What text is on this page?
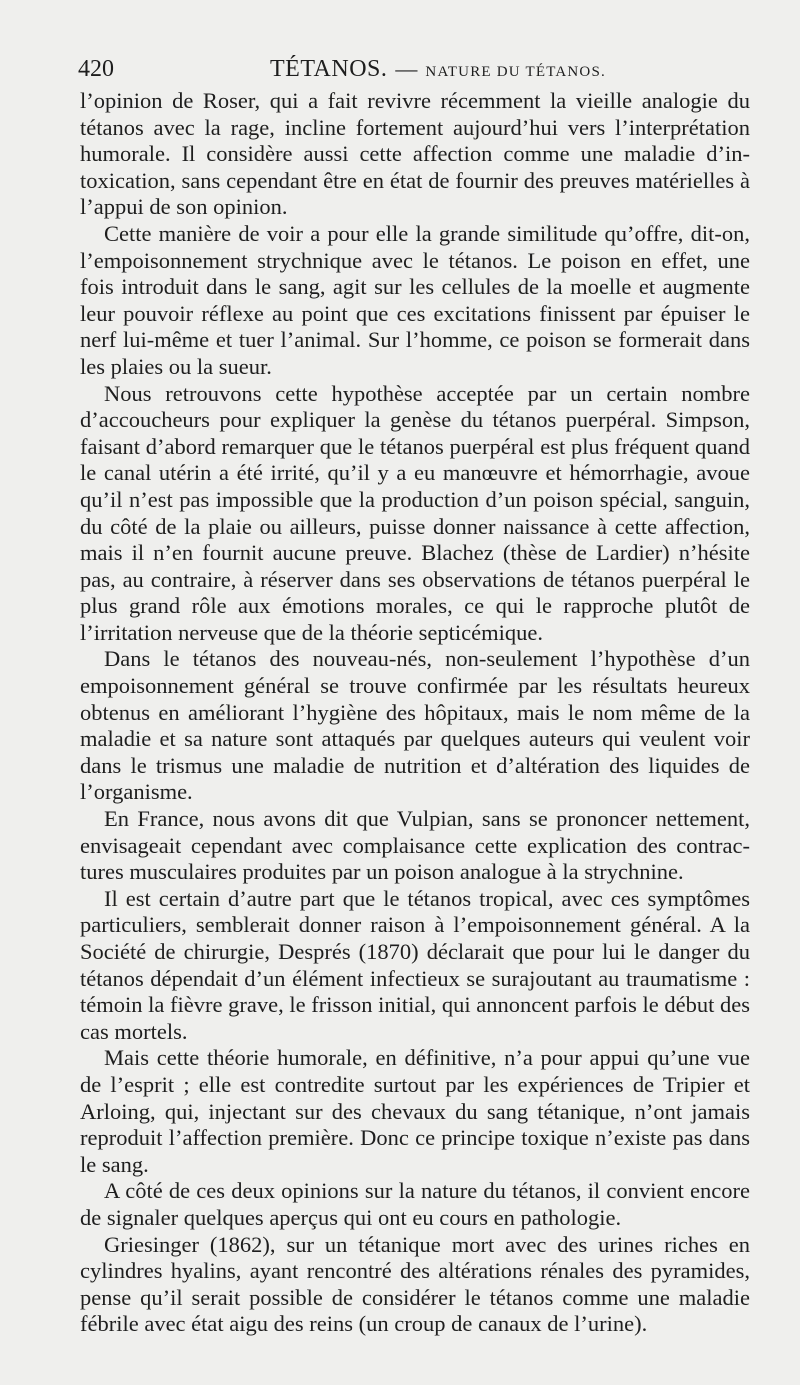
420	TÉTANOS. — NATURE DU TÉTANOS.

l’opinion de Roser, qui a fait revivre récemment la vieille analogie du tétanos avec la rage, incline fortement aujourd’hui vers l’interprétation humorale. Il considère aussi cette affection comme une maladie d’intoxication, sans cependant être en état de fournir des preuves matérielles à l’appui de son opinion.

Cette manière de voir a pour elle la grande similitude qu’offre, dit-on, l’empoisonnement strychnique avec le tétanos. Le poison en effet, une fois introduit dans le sang, agit sur les cellules de la moelle et augmente leur pouvoir réflexe au point que ces excitations finissent par épuiser le nerf lui-même et tuer l’animal. Sur l’homme, ce poison se formerait dans les plaies ou la sueur.

Nous retrouvons cette hypothèse acceptée par un certain nombre d’accoucheurs pour expliquer la genèse du tétanos puerpéral. Simpson, faisant d’abord remarquer que le tétanos puerpéral est plus fréquent quand le canal utérin a été irrité, qu’il y a eu manœuvre et hémorrhagie, avoue qu’il n’est pas impossible que la production d’un poison spécial, sanguin, du côté de la plaie ou ailleurs, puisse donner naissance à cette affection, mais il n’en fournit aucune preuve. Blachez (thèse de Lardier) n’hésite pas, au contraire, à réserver dans ses observations de tétanos puerpéral le plus grand rôle aux émotions morales, ce qui le rapproche plutôt de l’irritation nerveuse que de la théorie septicémique.

Dans le tétanos des nouveau-nés, non-seulement l’hypothèse d’un empoisonnement général se trouve confirmée par les résultats heureux obtenus en améliorant l’hygiène des hôpitaux, mais le nom même de la maladie et sa nature sont attaqués par quelques auteurs qui veulent voir dans le trismus une maladie de nutrition et d’altération des liquides de l’organisme.

En France, nous avons dit que Vulpian, sans se prononcer nettement, envisageait cependant avec complaisance cette explication des contractures musculaires produites par un poison analogue à la strychnine.

Il est certain d’autre part que le tétanos tropical, avec ces symptômes particuliers, semblerait donner raison à l’empoisonnement général. A la Société de chirurgie, Després (1870) déclarait que pour lui le danger du tétanos dépendait d’un élément infectieux se surajoutant au traumatisme : témoin la fièvre grave, le frisson initial, qui annoncent parfois le début des cas mortels.

Mais cette théorie humorale, en définitive, n’a pour appui qu’une vue de l’esprit ; elle est contredite surtout par les expériences de Tripier et Arloing, qui, injectant sur des chevaux du sang tétanique, n’ont jamais reproduit l’affection première. Donc ce principe toxique n’existe pas dans le sang.

A côté de ces deux opinions sur la nature du tétanos, il convient encore de signaler quelques aperçus qui ont eu cours en pathologie.

Griesinger (1862), sur un tétanique mort avec des urines riches en cylindres hyalins, ayant rencontré des altérations rénales des pyramides, pense qu’il serait possible de considérer le tétanos comme une maladie fébrile avec état aigu des reins (un croup de canaux de l’urine).
